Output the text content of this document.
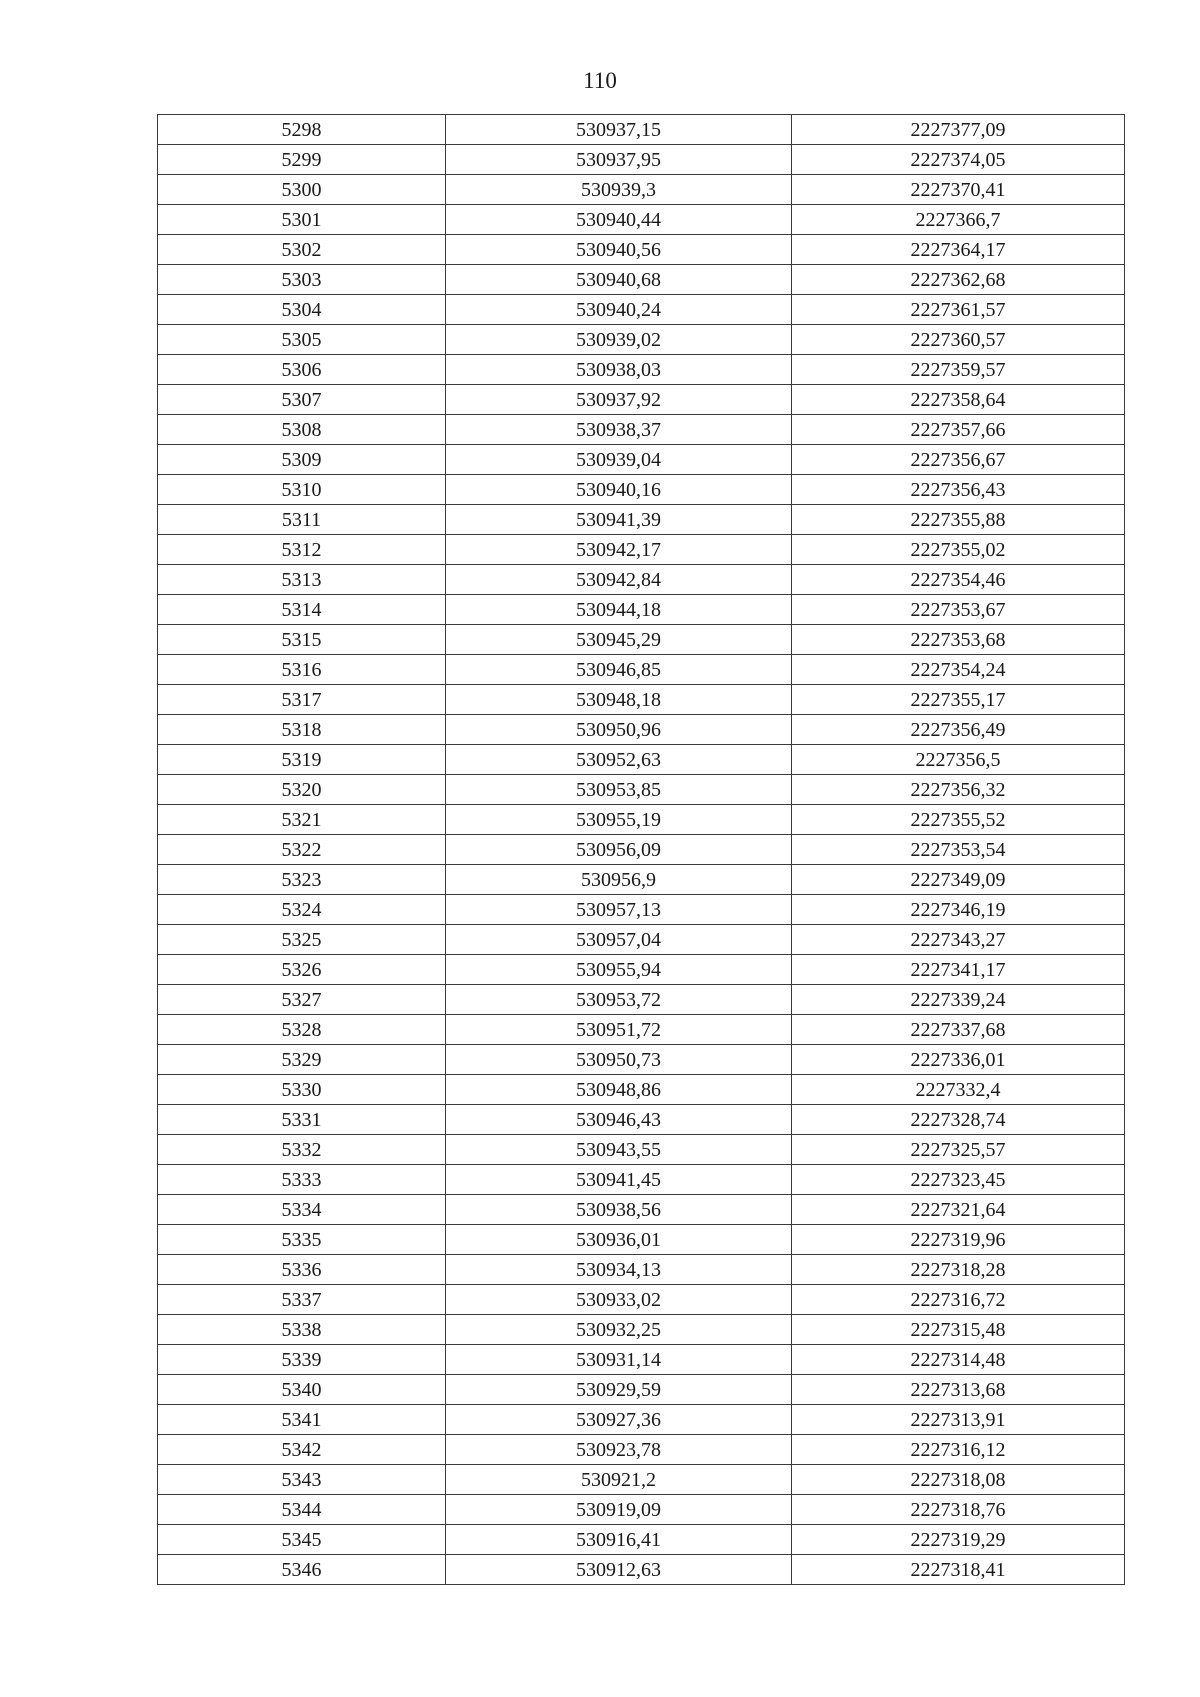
110
5298	530937,15	2227377,09
5299	530937,95	2227374,05
5300	530939,3	2227370,41
5301	530940,44	2227366,7
5302	530940,56	2227364,17
5303	530940,68	2227362,68
5304	530940,24	2227361,57
5305	530939,02	2227360,57
5306	530938,03	2227359,57
5307	530937,92	2227358,64
5308	530938,37	2227357,66
5309	530939,04	2227356,67
5310	530940,16	2227356,43
5311	530941,39	2227355,88
5312	530942,17	2227355,02
5313	530942,84	2227354,46
5314	530944,18	2227353,67
5315	530945,29	2227353,68
5316	530946,85	2227354,24
5317	530948,18	2227355,17
5318	530950,96	2227356,49
5319	530952,63	2227356,5
5320	530953,85	2227356,32
5321	530955,19	2227355,52
5322	530956,09	2227353,54
5323	530956,9	2227349,09
5324	530957,13	2227346,19
5325	530957,04	2227343,27
5326	530955,94	2227341,17
5327	530953,72	2227339,24
5328	530951,72	2227337,68
5329	530950,73	2227336,01
5330	530948,86	2227332,4
5331	530946,43	2227328,74
5332	530943,55	2227325,57
5333	530941,45	2227323,45
5334	530938,56	2227321,64
5335	530936,01	2227319,96
5336	530934,13	2227318,28
5337	530933,02	2227316,72
5338	530932,25	2227315,48
5339	530931,14	2227314,48
5340	530929,59	2227313,68
5341	530927,36	2227313,91
5342	530923,78	2227316,12
5343	530921,2	2227318,08
5344	530919,09	2227318,76
5345	530916,41	2227319,29
5346	530912,63	2227318,41
